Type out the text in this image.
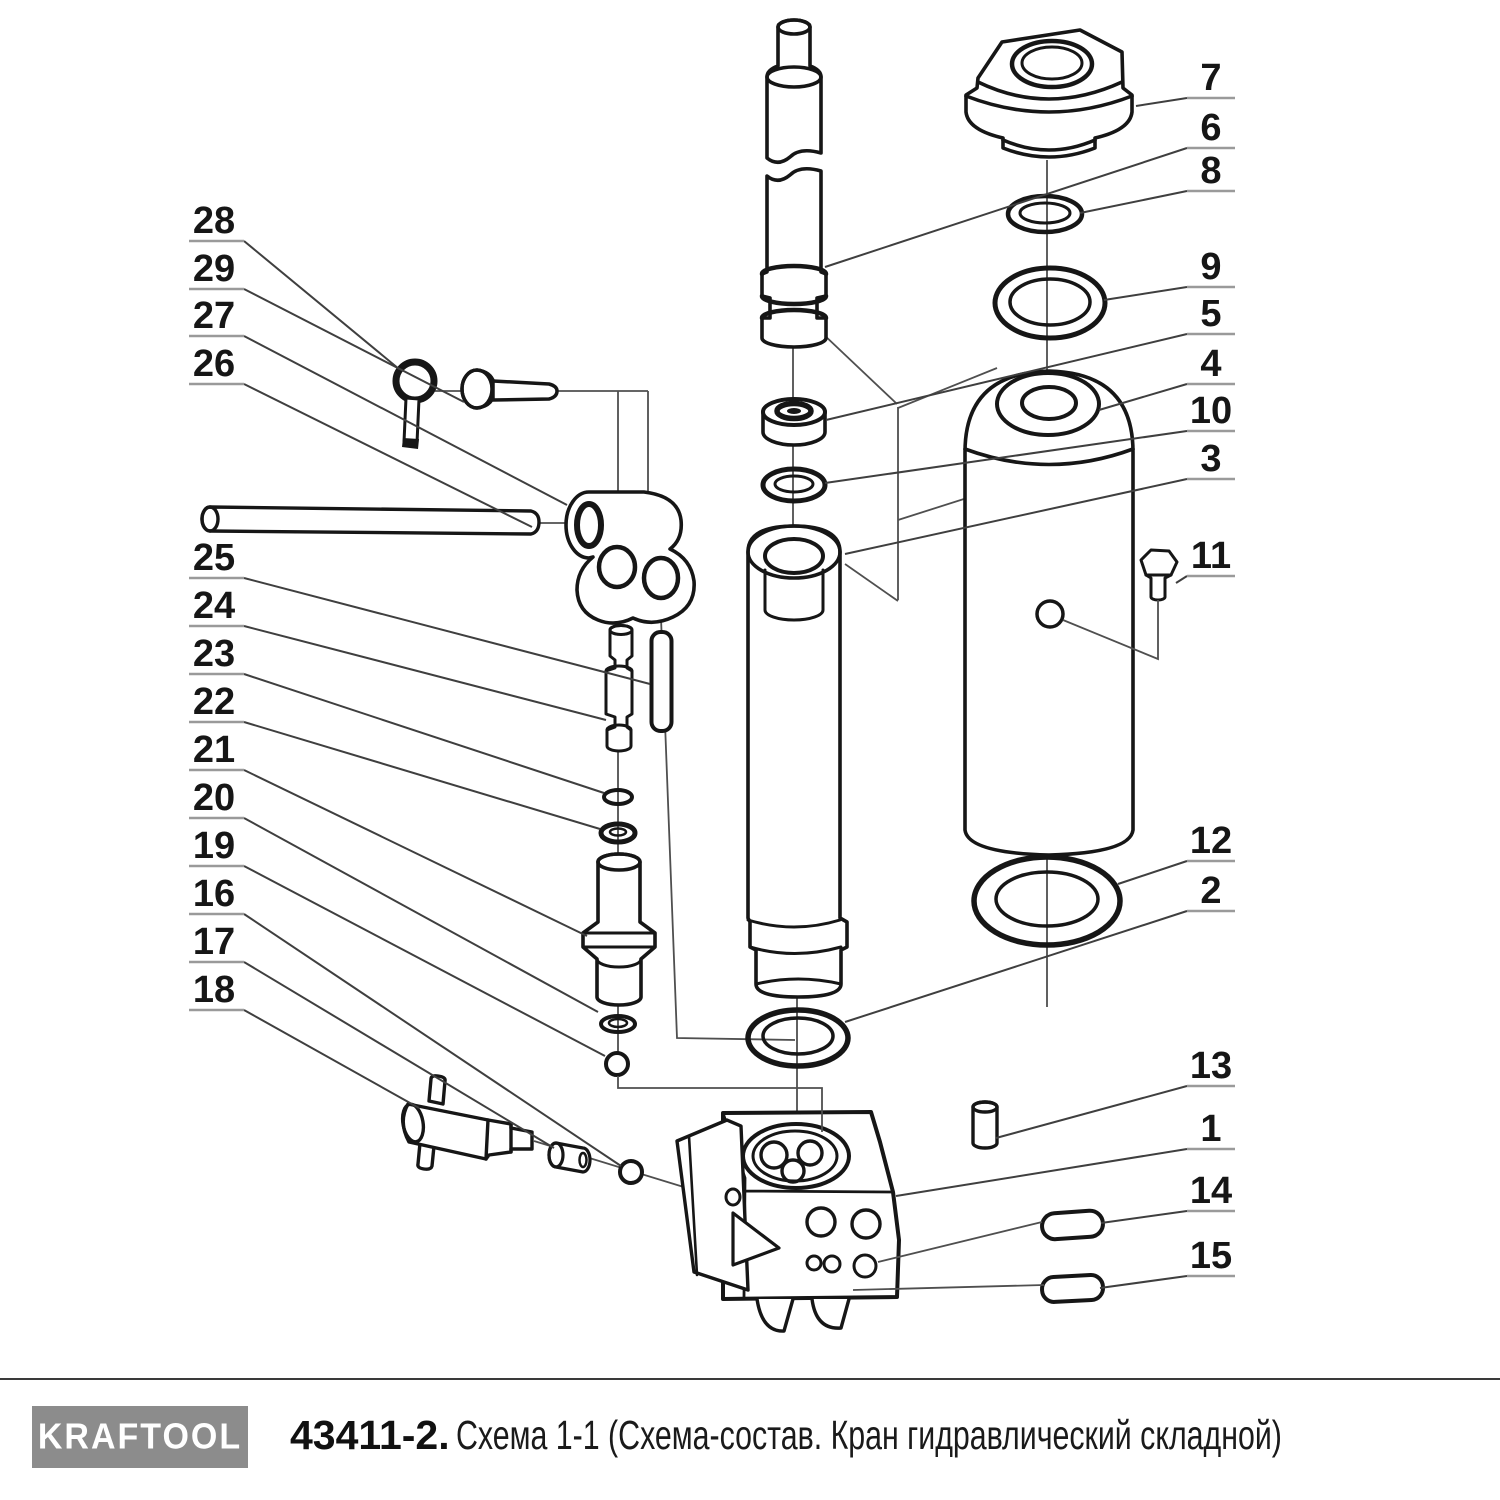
28
29
27
26
25
24
23
22
21
20
19
16
17
18
7
6
8
9
5
4
10
3
11
12
2
13
1
14
15
KRAFTOOL 43411-2. Схема 1-1 (Схема-состав. Кран гидравлический складной)
